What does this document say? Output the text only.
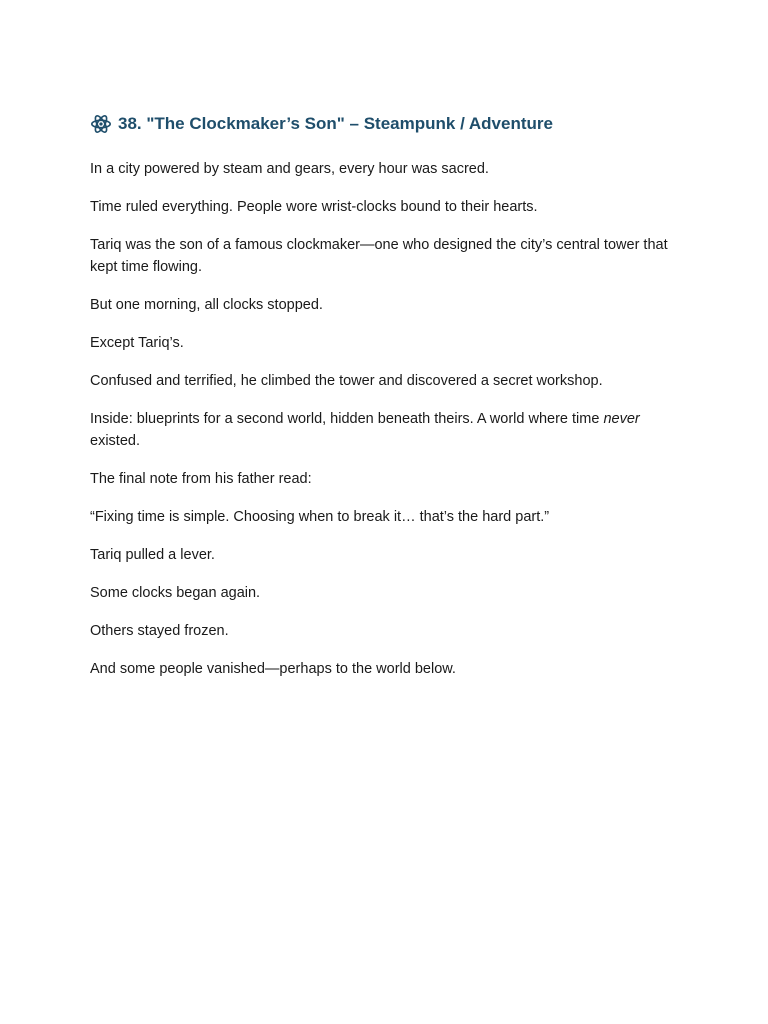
38. "The Clockmaker’s Son" – Steampunk / Adventure

In a city powered by steam and gears, every hour was sacred.

Time ruled everything. People wore wrist-clocks bound to their hearts.

Tariq was the son of a famous clockmaker—one who designed the city’s central tower that kept time flowing.

But one morning, all clocks stopped.

Except Tariq’s.

Confused and terrified, he climbed the tower and discovered a secret workshop.

Inside: blueprints for a second world, hidden beneath theirs. A world where time never existed.

The final note from his father read:

“Fixing time is simple. Choosing when to break it… that’s the hard part.”

Tariq pulled a lever.

Some clocks began again.

Others stayed frozen.

And some people vanished—perhaps to the world below.
